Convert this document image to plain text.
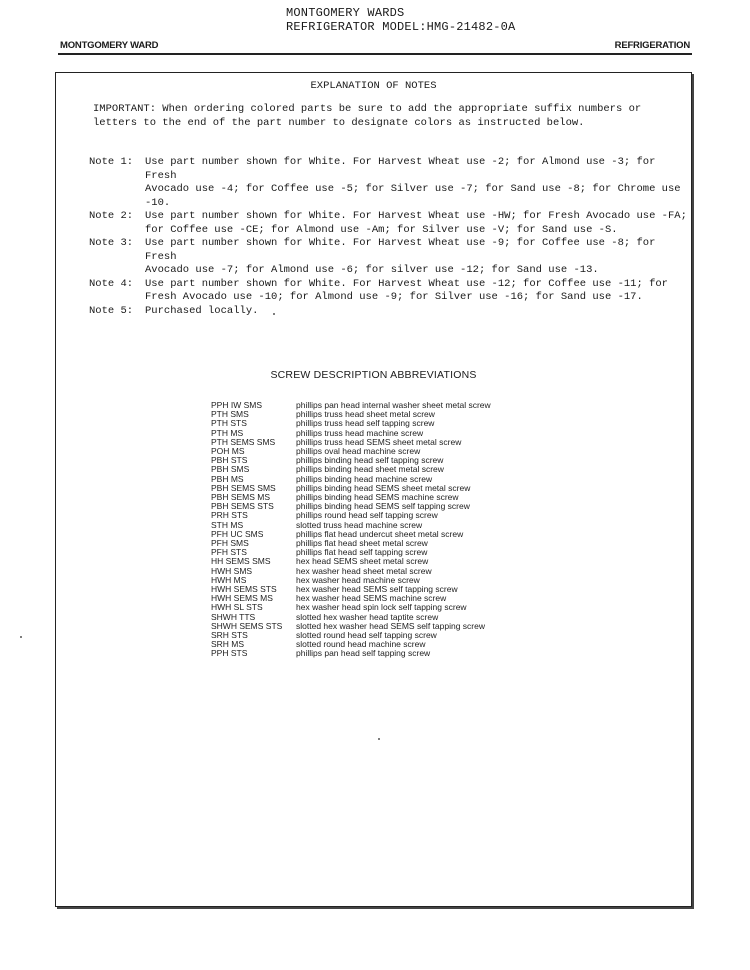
MONTGOMERY WARDS
REFRIGERATOR MODEL:HMG-21482-0A
MONTGOMERY WARD	REFRIGERATION
EXPLANATION OF NOTES
IMPORTANT: When ordering colored parts be sure to add the appropriate suffix numbers or letters to the end of the part number to designate colors as instructed below.
Note 1:	Use part number shown for White. For Harvest Wheat use -2; for Almond use -3; for Fresh
Avocado use -4; for Coffee use -5; for Silver use -7; for Sand use -8; for Chrome use -10.
Note 2:	Use part number shown for White. For Harvest Wheat use -HW; for Fresh Avocado use -FA;
for Coffee use -CE; for Almond use -Am; for Silver use -V; for Sand use -S.
Note 3:	Use part number shown for White. For Harvest Wheat use -9; for Coffee use -8; for Fresh
Avocado use -7; for Almond use -6; for silver use -12; for Sand use -13.
Note 4:	Use part number shown for White. For Harvest Wheat use -12; for Coffee use -11; for
Fresh Avocado use -10; for Almond use -9; for Silver use -16; for Sand use -17.
Note 5:	Purchased locally.
SCREW DESCRIPTION ABBREVIATIONS
PPH IW SMS	phillips pan head internal washer sheet metal screw
PTH SMS	phillips truss head sheet metal screw
PTH STS	phillips truss head self tapping screw
PTH MS	phillips truss head machine screw
PTH SEMS SMS	phillips truss head SEMS sheet metal screw
POH MS	phillips oval head machine screw
PBH STS	phillips binding head self tapping screw
PBH SMS	phillips binding head sheet metal screw
PBH MS	phillips binding head machine screw
PBH SEMS SMS	phillips binding head SEMS sheet metal screw
PBH SEMS MS	phillips binding head SEMS machine screw
PBH SEMS STS	phillips binding head SEMS self tapping screw
PRH STS	phillips round head self tapping screw
STH MS	slotted truss head machine screw
PFH UC SMS	phillips flat head undercut sheet metal screw
PFH SMS	phillips flat head sheet metal screw
PFH STS	phillips flat head self tapping screw
HH SEMS SMS	hex head SEMS sheet metal screw
HWH SMS	hex washer head sheet metal screw
HWH MS	hex washer head machine screw
HWH SEMS STS	hex washer head SEMS self tapping screw
HWH SEMS MS	hex washer head SEMS machine screw
HWH SL STS	hex washer head spin lock self tapping screw
SHWH TTS	slotted hex washer head taptite screw
SHWH SEMS STS	slotted hex washer head SEMS self tapping screw
SRH STS	slotted round head self tapping screw
SRH MS	slotted round head machine screw
PPH STS	phillips pan head self tapping screw
